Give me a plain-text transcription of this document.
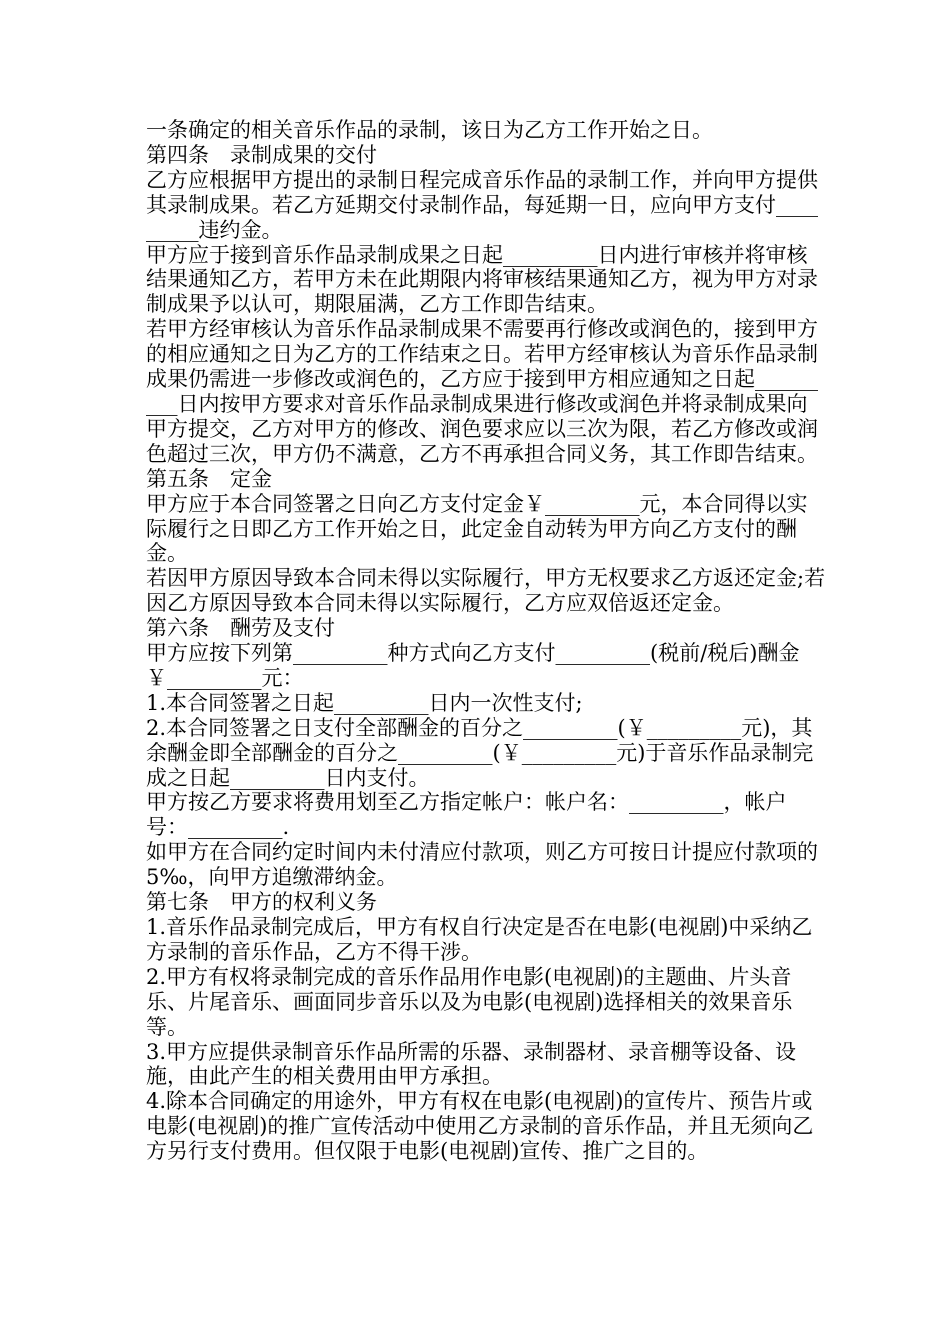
一条确定的相关音乐作品的录制，该日为乙方工作开始之日。

第四条　录制成果的交付

乙方应根据甲方提出的录制日程完成音乐作品的录制工作，并向甲方提供其录制成果。若乙方延期交付录制作品，每延期一日，应向甲方支付_________违约金。

甲方应于接到音乐作品录制成果之日起_________日内进行审核并将审核结果通知乙方，若甲方未在此期限内将审核结果通知乙方，视为甲方对录制成果予以认可，期限届满，乙方工作即告结束。

若甲方经审核认为音乐作品录制成果不需要再行修改或润色的，接到甲方的相应通知之日为乙方的工作结束之日。若甲方经审核认为音乐作品录制成果仍需进一步修改或润色的，乙方应于接到甲方相应通知之日起_________日内按甲方要求对音乐作品录制成果进行修改或润色并将录制成果向甲方提交，乙方对甲方的修改、润色要求应以三次为限，若乙方修改或润色超过三次，甲方仍不满意，乙方不再承担合同义务，其工作即告结束。

第五条　定金

甲方应于本合同签署之日向乙方支付定金￥_________元，本合同得以实际履行之日即乙方工作开始之日，此定金自动转为甲方向乙方支付的酬金。

若因甲方原因导致本合同未得以实际履行，甲方无权要求乙方返还定金;若因乙方原因导致本合同未得以实际履行，乙方应双倍返还定金。

第六条　酬劳及支付

甲方应按下列第_________种方式向乙方支付_________(税前/税后)酬金￥_________元：

1.本合同签署之日起_________日内一次性支付;

2.本合同签署之日支付全部酬金的百分之_________(￥_________元)，其余酬金即全部酬金的百分之_________(￥_________元)于音乐作品录制完成之日起_________日内支付。

甲方按乙方要求将费用划至乙方指定帐户：帐户名：_________，帐户号：_________.

如甲方在合同约定时间内未付清应付款项，则乙方可按日计提应付款项的5‰，向甲方追缴滞纳金。

第七条　甲方的权利义务

1.音乐作品录制完成后，甲方有权自行决定是否在电影(电视剧)中采纳乙方录制的音乐作品，乙方不得干涉。

2.甲方有权将录制完成的音乐作品用作电影(电视剧)的主题曲、片头音乐、片尾音乐、画面同步音乐以及为电影(电视剧)选择相关的效果音乐等。

3.甲方应提供录制音乐作品所需的乐器、录制器材、录音棚等设备、设施，由此产生的相关费用由甲方承担。

4.除本合同确定的用途外，甲方有权在电影(电视剧)的宣传片、预告片或电影(电视剧)的推广宣传活动中使用乙方录制的音乐作品，并且无须向乙方另行支付费用。但仅限于电影(电视剧)宣传、推广之目的。
